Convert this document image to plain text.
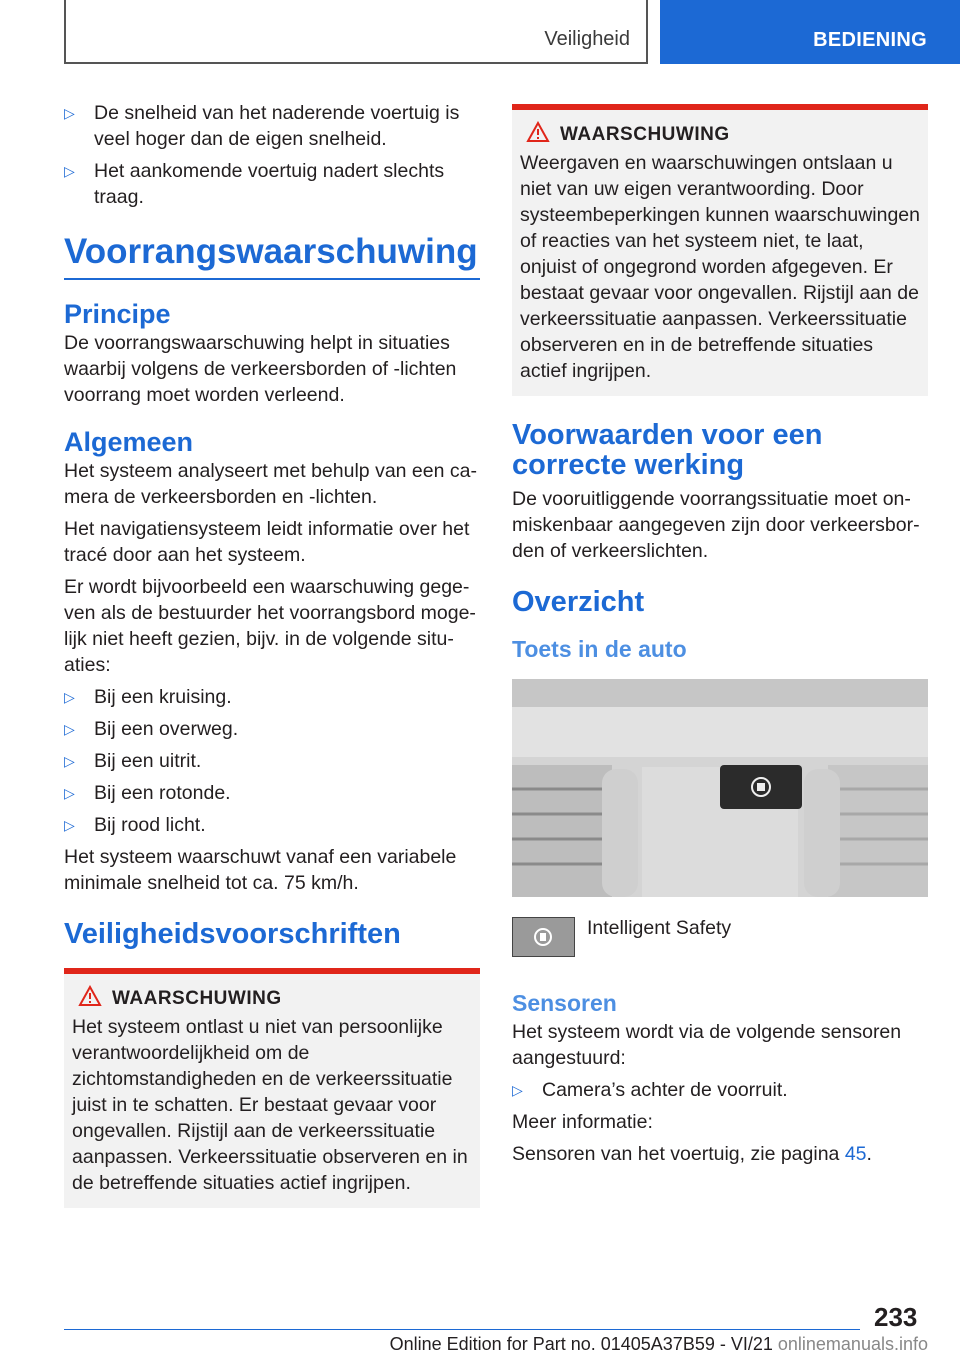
Veiligheid	BEDIENING
▷ De snelheid van het naderende voertuig is veel hoger dan de eigen snelheid.
▷ Het aankomende voertuig nadert slechts traag.
Voorrangswaarschuwing
Principe

De voorrangswaarschuwing helpt in situaties waarbij volgens de verkeersborden of -lichten voorrang moet worden verleend.

Algemeen

Het systeem analyseert met behulp van een camera de verkeersborden en -lichten.

Het navigatiensysteem leidt informatie over het tracé door aan het systeem.

Er wordt bijvoorbeeld een waarschuwing gegeven als de bestuurder het voorrangsbord mogelijk niet heeft gezien, bijv. in de volgende situaties:

▷ Bij een kruising.
▷ Bij een overweg.
▷ Bij een uitrit.
▷ Bij een rotonde.
▷ Bij rood licht.

Het systeem waarschuwt vanaf een variabele minimale snelheid tot ca. 75 km/h.

Veiligheidsvoorschriften
WAARSCHUWING

Het systeem ontlast u niet van persoonlijke verantwoordelijkheid om de zichtomstandigheden en de verkeerssituatie juist in te schatten. Er bestaat gevaar voor ongevallen. Rijstijl aan de verkeerssituatie aanpassen. Verkeerssituatie observeren en in de betreffende situaties actief ingrijpen.

WAARSCHUWING

Weergaven en waarschuwingen ontslaan u niet van uw eigen verantwoording. Door systeembeperkingen kunnen waarschuwingen of reacties van het systeem niet, te laat, onjuist of ongegrond worden afgegeven. Er bestaat gevaar voor ongevallen. Rijstijl aan de verkeerssituatie aanpassen. Verkeerssituatie observeren en in de betreffende situaties actief ingrijpen.

Voorwaarden voor een correcte werking

De vooruitliggende voorrangssituatie moet onmiskenbaar aangegeven zijn door verkeersborden of verkeerslichten.

Overzicht
Toets in de auto
Intelligent Safety
Sensoren

Het systeem wordt via de volgende sensoren aangestuurd:

▷ Camera’s achter de voorruit.

Meer informatie:

Sensoren van het voertuig, zie pagina 45.

233
Online Edition for Part no. 01405A37B59 - VI/21 onlinemanuals.info
